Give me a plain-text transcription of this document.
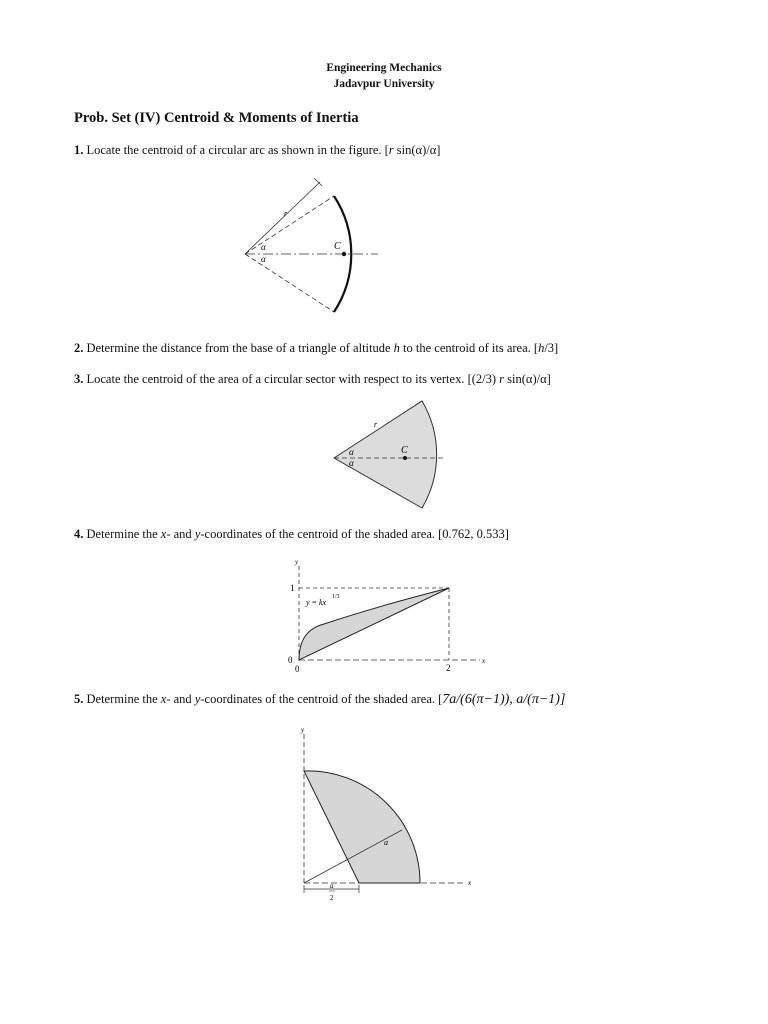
Engineering Mechanics
Jadavpur University
Prob. Set (IV) Centroid & Moments of Inertia
1. Locate the centroid of a circular arc as shown in the figure. [r sin(α)/α]
r
α
α
C
2. Determine the distance from the base of a triangle of altitude h to the centroid of its area. [h/3]
3. Locate the centroid of the area of a circular sector with respect to its vertex. [(2/3) r sin(α)/α]
r
α
α
C
4. Determine the x- and y-coordinates of the centroid of the shaded area. [0.762, 0.533]
y
x
1
2
0
0
y = kx
1/3
5. Determine the x- and y-coordinates of the centroid of the shaded area. [7a/(6(π−1)), a/(π−1)]
y
x
a
a
2
